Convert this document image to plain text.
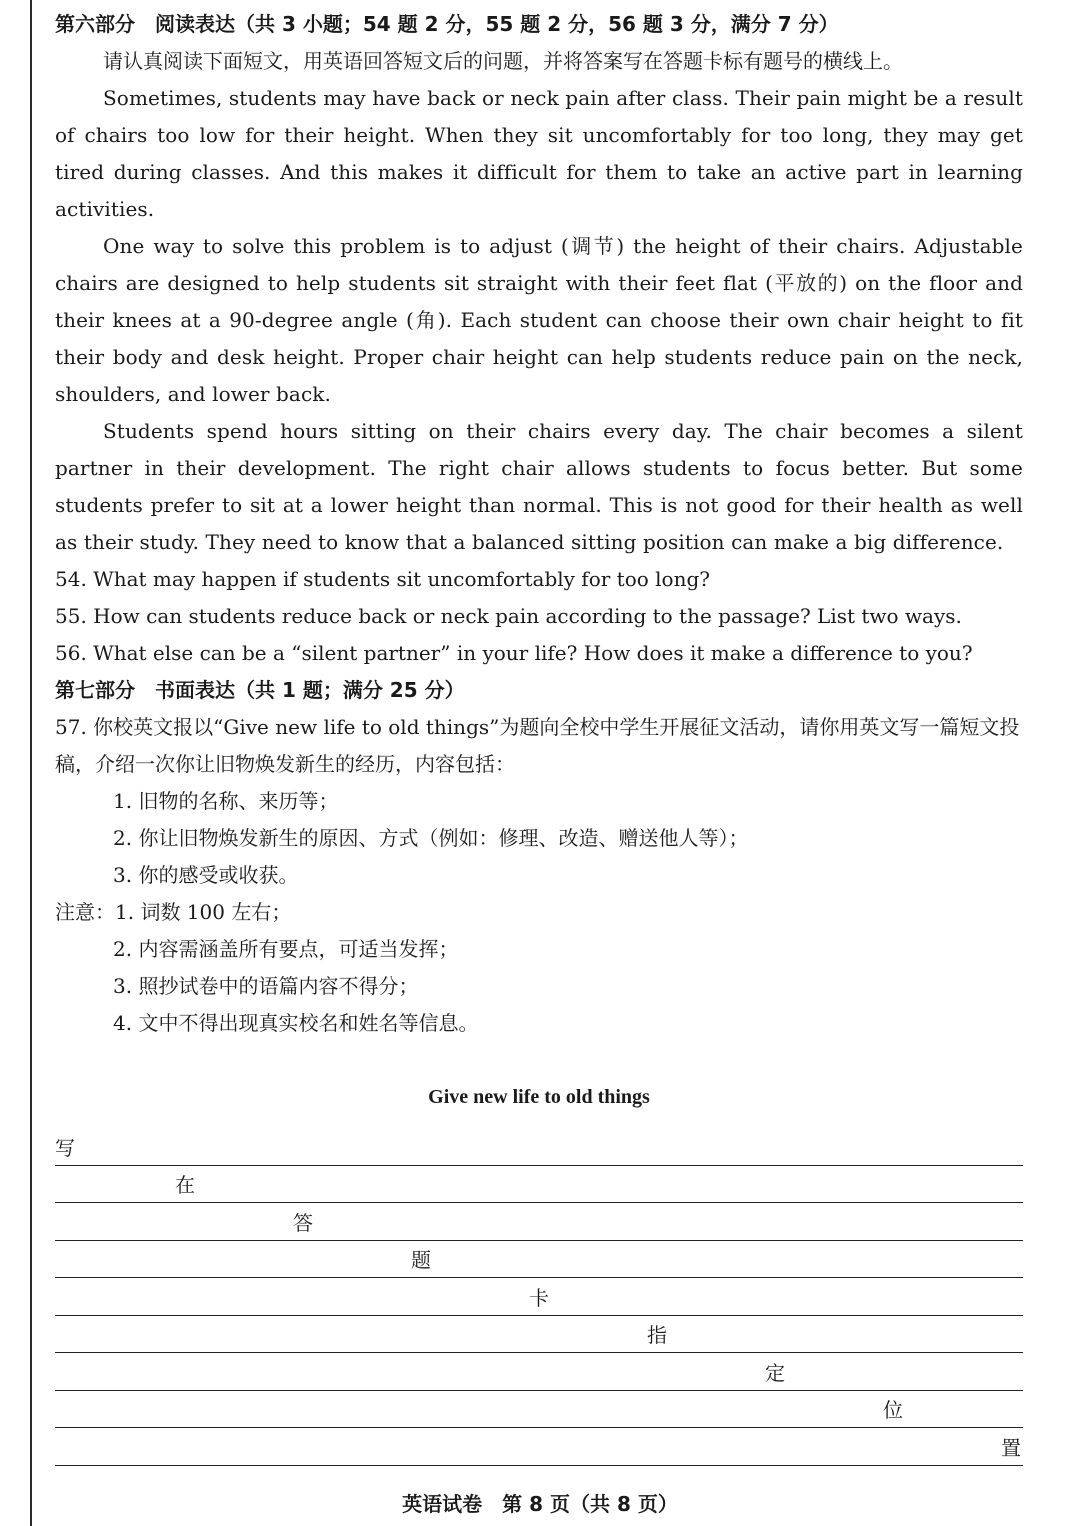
第六部分　阅读表达（共 3 小题；54 题 2 分，55 题 2 分，56 题 3 分，满分 7 分）
请认真阅读下面短文，用英语回答短文后的问题，并将答案写在答题卡标有题号的横线上。

Sometimes, students may have back or neck pain after class. Their pain might be a result of chairs too low for their height. When they sit uncomfortably for too long, they may get tired during classes. And this makes it difficult for them to take an active part in learning activities.

One way to solve this problem is to adjust (调节) the height of their chairs. Adjustable chairs are designed to help students sit straight with their feet flat (平放的) on the floor and their knees at a 90-degree angle (角). Each student can choose their own chair height to fit their body and desk height. Proper chair height can help students reduce pain on the neck, shoulders, and lower back.

Students spend hours sitting on their chairs every day. The chair becomes a silent partner in their development. The right chair allows students to focus better. But some students prefer to sit at a lower height than normal. This is not good for their health as well as their study. They need to know that a balanced sitting position can make a big difference.

54. What may happen if students sit uncomfortably for too long?
55. How can students reduce back or neck pain according to the passage? List two ways.
56. What else can be a “silent partner” in your life? How does it make a difference to you?
第七部分　书面表达（共 1 题；满分 25 分）
57. 你校英文报以“Give new life to old things”为题向全校中学生开展征文活动，请你用英文写一篇短文投稿，介绍一次你让旧物焕发新生的经历，内容包括：
1. 旧物的名称、来历等；
2. 你让旧物焕发新生的原因、方式（例如：修理、改造、赠送他人等）；
3. 你的感受或收获。
注意：1. 词数 100 左右；
2. 内容需涵盖所有要点，可适当发挥；
3. 照抄试卷中的语篇内容不得分；
4. 文中不得出现真实校名和姓名等信息。
Give new life to old things
写
在
答
题
卡
指
定
位
置
英语试卷　第 8 页（共 8 页）
